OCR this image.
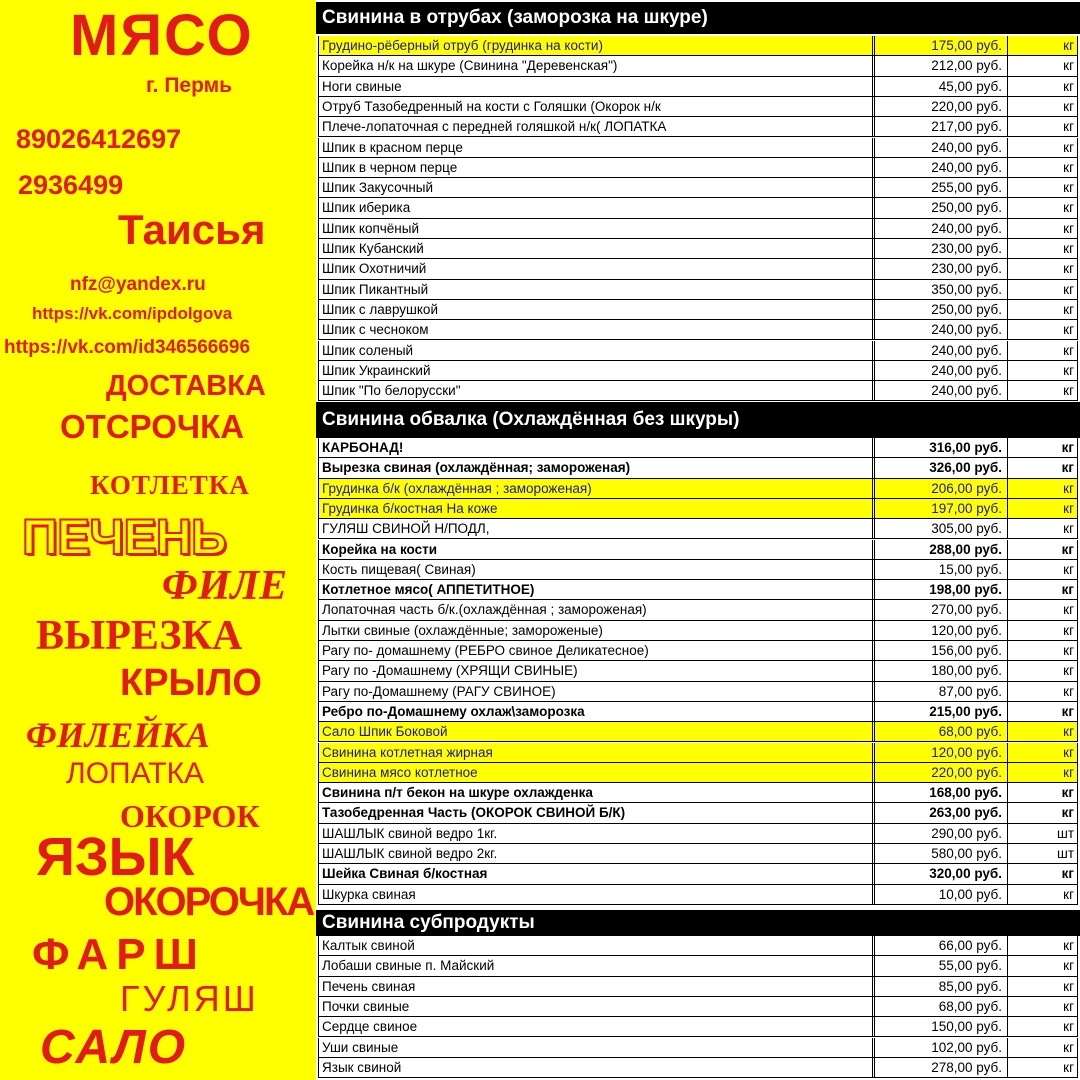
МЯСО
г. Пермь
89026412697
2936499
Таисья
nfz@yandex.ru
https://vk.com/ipdolgova
https://vk.com/id346566696
ДОСТАВКА
ОТСРОЧКА
КОТЛЕТКА
ПЕЧЕНЬ
ФИЛЕ
ВЫРЕЗКА
КРЫЛО
ФИЛЕЙКА
ЛОПАТКА
ОКОРОК
ЯЗЫК
ОКОРОЧКА
ФАРШ
ГУЛЯШ
САЛО
Свинина в отрубах (заморозка на шкуре)
Грудино-рёберный отруб (грудинка на кости)	175,00 руб.	кг
Корейка н/к на шкуре (Свинина "Деревенская")	212,00 руб.	кг
Ноги свиные	45,00 руб.	кг
Отруб Тазобедренный на кости с Голяшки (Окорок н/к	220,00 руб.	кг
Плече-лопаточная с передней голяшкой н/к( ЛОПАТКА	217,00 руб.	кг
Шпик в красном перце	240,00 руб.	кг
Шпик в черном перце	240,00 руб.	кг
Шпик Закусочный	255,00 руб.	кг
Шпик иберика	250,00 руб.	кг
Шпик копчёный	240,00 руб.	кг
Шпик Кубанский	230,00 руб.	кг
Шпик Охотничий	230,00 руб.	кг
Шпик Пикантный	350,00 руб.	кг
Шпик с лаврушкой	250,00 руб.	кг
Шпик с чесноком	240,00 руб.	кг
Шпик соленый	240,00 руб.	кг
Шпик Украинский	240,00 руб.	кг
Шпик "По белорусски"	240,00 руб.	кг
Свинина обвалка (Охлаждённая без шкуры)
КАРБОНАД!	316,00 руб.	кг
Вырезка свиная (охлаждённая; замороженая)	326,00 руб.	кг
Грудинка б/к (охлаждённая ; замороженая)	206,00 руб.	кг
Грудинка б/костная На коже	197,00 руб.	кг
ГУЛЯШ СВИНОЙ Н/ПОДЛ,	305,00 руб.	кг
Корейка на кости	288,00 руб.	кг
Кость пищевая( Свиная)	15,00 руб.	кг
Котлетное мясо( АППЕТИТНОЕ)	198,00 руб.	кг
Лопаточная часть б/к.(охлаждённая ; замороженая)	270,00 руб.	кг
Лытки свиные (охлаждённые; замороженые)	120,00 руб.	кг
Рагу по- домашнему (РЕБРО свиное Деликатесное)	156,00 руб.	кг
Рагу по -Домашнему (ХРЯЩИ СВИНЫЕ)	180,00 руб.	кг
Рагу по-Домашнему (РАГУ СВИНОЕ)	87,00 руб.	кг
Ребро по-Домашнему охлаж\заморозка	215,00 руб.	кг
Сало Шпик Боковой	68,00 руб.	кг
Свинина котлетная жирная	120,00 руб.	кг
Свинина мясо котлетное	220,00 руб.	кг
Свинина п/т бекон на шкуре охлажденка	168,00 руб.	кг
Тазобедренная Часть (ОКОРОК СВИНОЙ Б/К)	263,00 руб.	кг
ШАШЛЫК свиной ведро 1кг.	290,00 руб.	шт
ШАШЛЫК свиной ведро 2кг.	580,00 руб.	шт
Шейка Свиная б/костная	320,00 руб.	кг
Шкурка свиная	10,00 руб.	кг
Свинина субпродукты
Калтык свиной	66,00 руб.	кг
Лобаши свиные п. Майский	55,00 руб.	кг
Печень свиная	85,00 руб.	кг
Почки свиные	68,00 руб.	кг
Сердце свиное	150,00 руб.	кг
Уши свиные	102,00 руб.	кг
Язык свиной	278,00 руб.	кг
